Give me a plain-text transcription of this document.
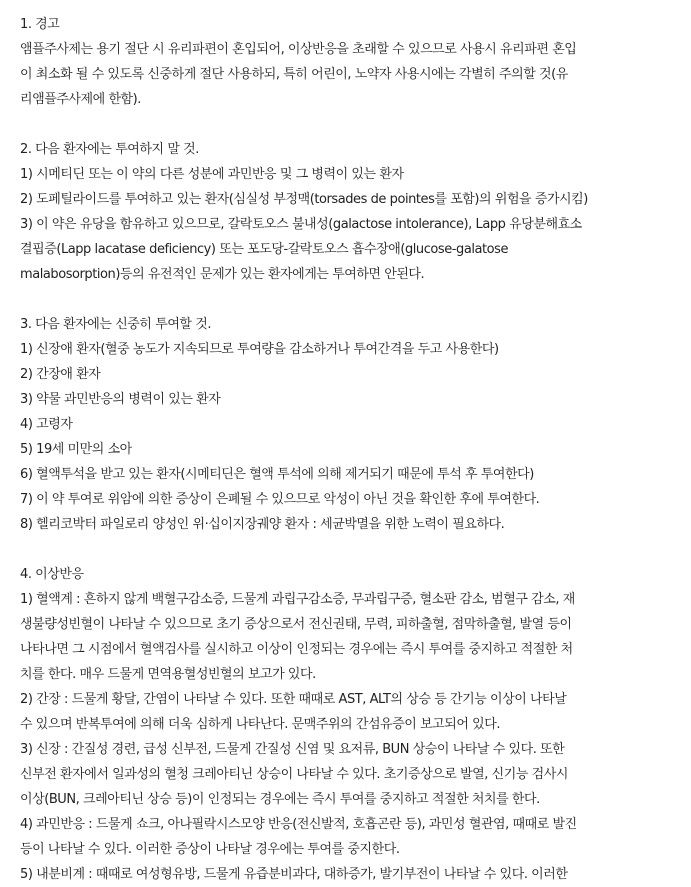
1. 경고
앰플주사제는 용기 절단 시 유리파편이 혼입되어, 이상반응을 초래할 수 있으므로 사용시 유리파편 혼입
이 최소화 될 수 있도록 신중하게 절단 사용하되, 특히 어린이, 노약자 사용시에는 각별히 주의할 것(유
리앰플주사제에 한함).
2. 다음 환자에는 투여하지 말 것.
1) 시메티딘 또는 이 약의 다른 성분에 과민반응 및 그 병력이 있는 환자
2) 도페틸라이드를 투여하고 있는 환자(심실성 부정맥(torsades de pointes를 포함)의 위험을 증가시킴)
3) 이 약은 유당을 함유하고 있으므로, 갈락토오스 불내성(galactose intolerance), Lapp 유당분해효소
결핍증(Lapp lacatase deficiency) 또는 포도당-갈락토오스 흡수장애(glucose-galatose
malabosorption)등의 유전적인 문제가 있는 환자에게는 투여하면 안된다.
3. 다음 환자에는 신중히 투여할 것.
1) 신장애 환자(혈중 농도가 지속되므로 투여량을 감소하거나 투여간격을 두고 사용한다)
2) 간장애 환자
3) 약물 과민반응의 병력이 있는 환자
4) 고령자
5) 19세 미만의 소아
6) 혈액투석을 받고 있는 환자(시메티딘은 혈액 투석에 의해 제거되기 때문에 투석 후 투여한다)
7) 이 약 투여로 위암에 의한 증상이 은폐될 수 있으므로 악성이 아닌 것을 확인한 후에 투여한다.
8) 헬리코박터 파일로리 양성인 위·십이지장궤양 환자 : 세균박멸을 위한 노력이 필요하다.
4. 이상반응
1) 혈액계 : 흔하지 않게 백혈구감소증, 드물게 과립구감소증, 무과립구증, 혈소판 감소, 범혈구 감소, 재
생불량성빈혈이 나타날 수 있으므로 초기 증상으로서 전신권태, 무력, 피하출혈, 점막하출혈, 발열 등이
나타나면 그 시점에서 혈액검사를 실시하고 이상이 인정되는 경우에는 즉시 투여를 중지하고 적절한 처
치를 한다. 매우 드물게 면역용혈성빈혈의 보고가 있다.
2) 간장 : 드물게 황달, 간염이 나타날 수 있다. 또한 때때로 AST, ALT의 상승 등 간기능 이상이 나타날
수 있으며 반복투여에 의해 더욱 심하게 나타난다. 문맥주위의 간섬유증이 보고되어 있다.
3) 신장 : 간질성 경련, 급성 신부전, 드물게 간질성 신염 및 요저류, BUN 상승이 나타날 수 있다. 또한
신부전 환자에서 일과성의 혈청 크레아티닌 상승이 나타날 수 있다. 초기증상으로 발열, 신기능 검사시
이상(BUN, 크레아티닌 상승 등)이 인정되는 경우에는 즉시 투여를 중지하고 적절한 처치를 한다.
4) 과민반응 : 드물게 쇼크, 아나필락시스모양 반응(전신발적, 호흡곤란 등), 과민성 혈관염, 때때로 발진
등이 나타날 수 있다. 이러한 증상이 나타날 경우에는 투여를 중지한다.
5) 내분비계 : 때때로 여성형유방, 드물게 유즙분비과다, 대하증가, 발기부전이 나타날 수 있다. 이러한
